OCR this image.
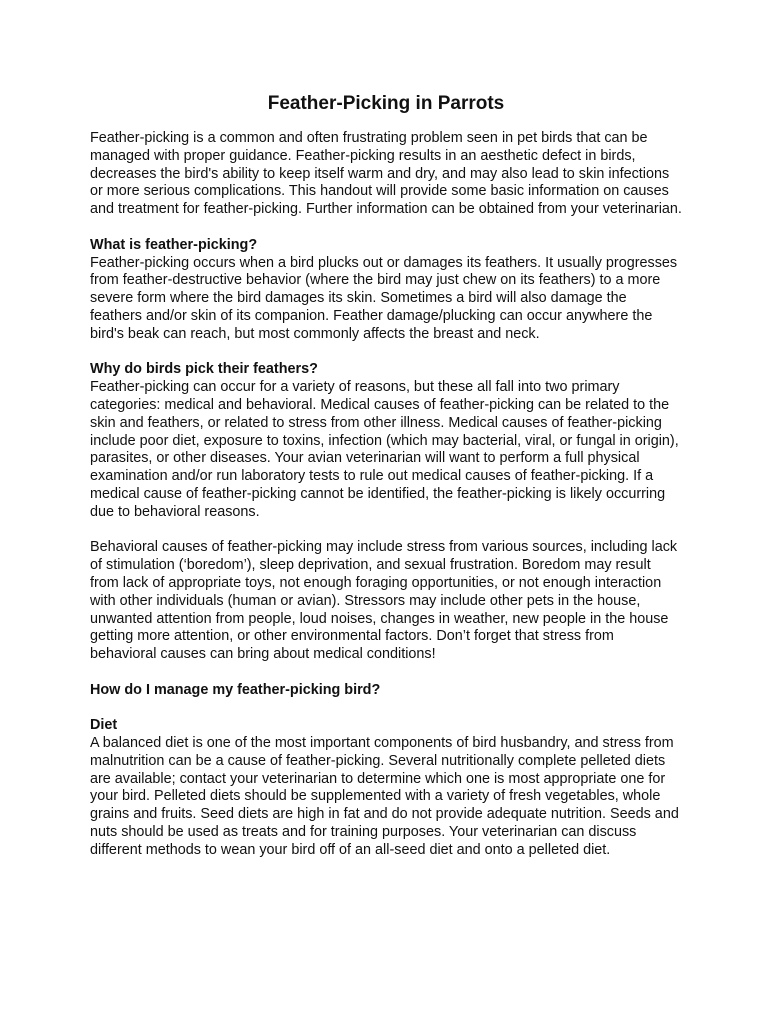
Feather-Picking in Parrots

Feather-picking is a common and often frustrating problem seen in pet birds that can be managed with proper guidance. Feather-picking results in an aesthetic defect in birds, decreases the bird's ability to keep itself warm and dry, and may also lead to skin infections or more serious complications. This handout will provide some basic information on causes and treatment for feather-picking. Further information can be obtained from your veterinarian.

What is feather-picking?

Feather-picking occurs when a bird plucks out or damages its feathers. It usually progresses from feather-destructive behavior (where the bird may just chew on its feathers) to a more severe form where the bird damages its skin. Sometimes a bird will also damage the feathers and/or skin of its companion. Feather damage/plucking can occur anywhere the bird's beak can reach, but most commonly affects the breast and neck.

Why do birds pick their feathers?

Feather-picking can occur for a variety of reasons, but these all fall into two primary categories: medical and behavioral. Medical causes of feather-picking can be related to the skin and feathers, or related to stress from other illness. Medical causes of feather-picking include poor diet, exposure to toxins, infection (which may bacterial, viral, or fungal in origin), parasites, or other diseases. Your avian veterinarian will want to perform a full physical examination and/or run laboratory tests to rule out medical causes of feather-picking. If a medical cause of feather-picking cannot be identified, the feather-picking is likely occurring due to behavioral reasons.

Behavioral causes of feather-picking may include stress from various sources, including lack of stimulation (‘boredom’), sleep deprivation, and sexual frustration. Boredom may result from lack of appropriate toys, not enough foraging opportunities, or not enough interaction with other individuals (human or avian). Stressors may include other pets in the house, unwanted attention from people, loud noises, changes in weather, new people in the house getting more attention, or other environmental factors. Don’t forget that stress from behavioral causes can bring about medical conditions!

How do I manage my feather-picking bird?
Diet

A balanced diet is one of the most important components of bird husbandry, and stress from malnutrition can be a cause of feather-picking. Several nutritionally complete pelleted diets are available; contact your veterinarian to determine which one is most appropriate one for your bird. Pelleted diets should be supplemented with a variety of fresh vegetables, whole grains and fruits. Seed diets are high in fat and do not provide adequate nutrition. Seeds and nuts should be used as treats and for training purposes. Your veterinarian can discuss different methods to wean your bird off of an all-seed diet and onto a pelleted diet.
